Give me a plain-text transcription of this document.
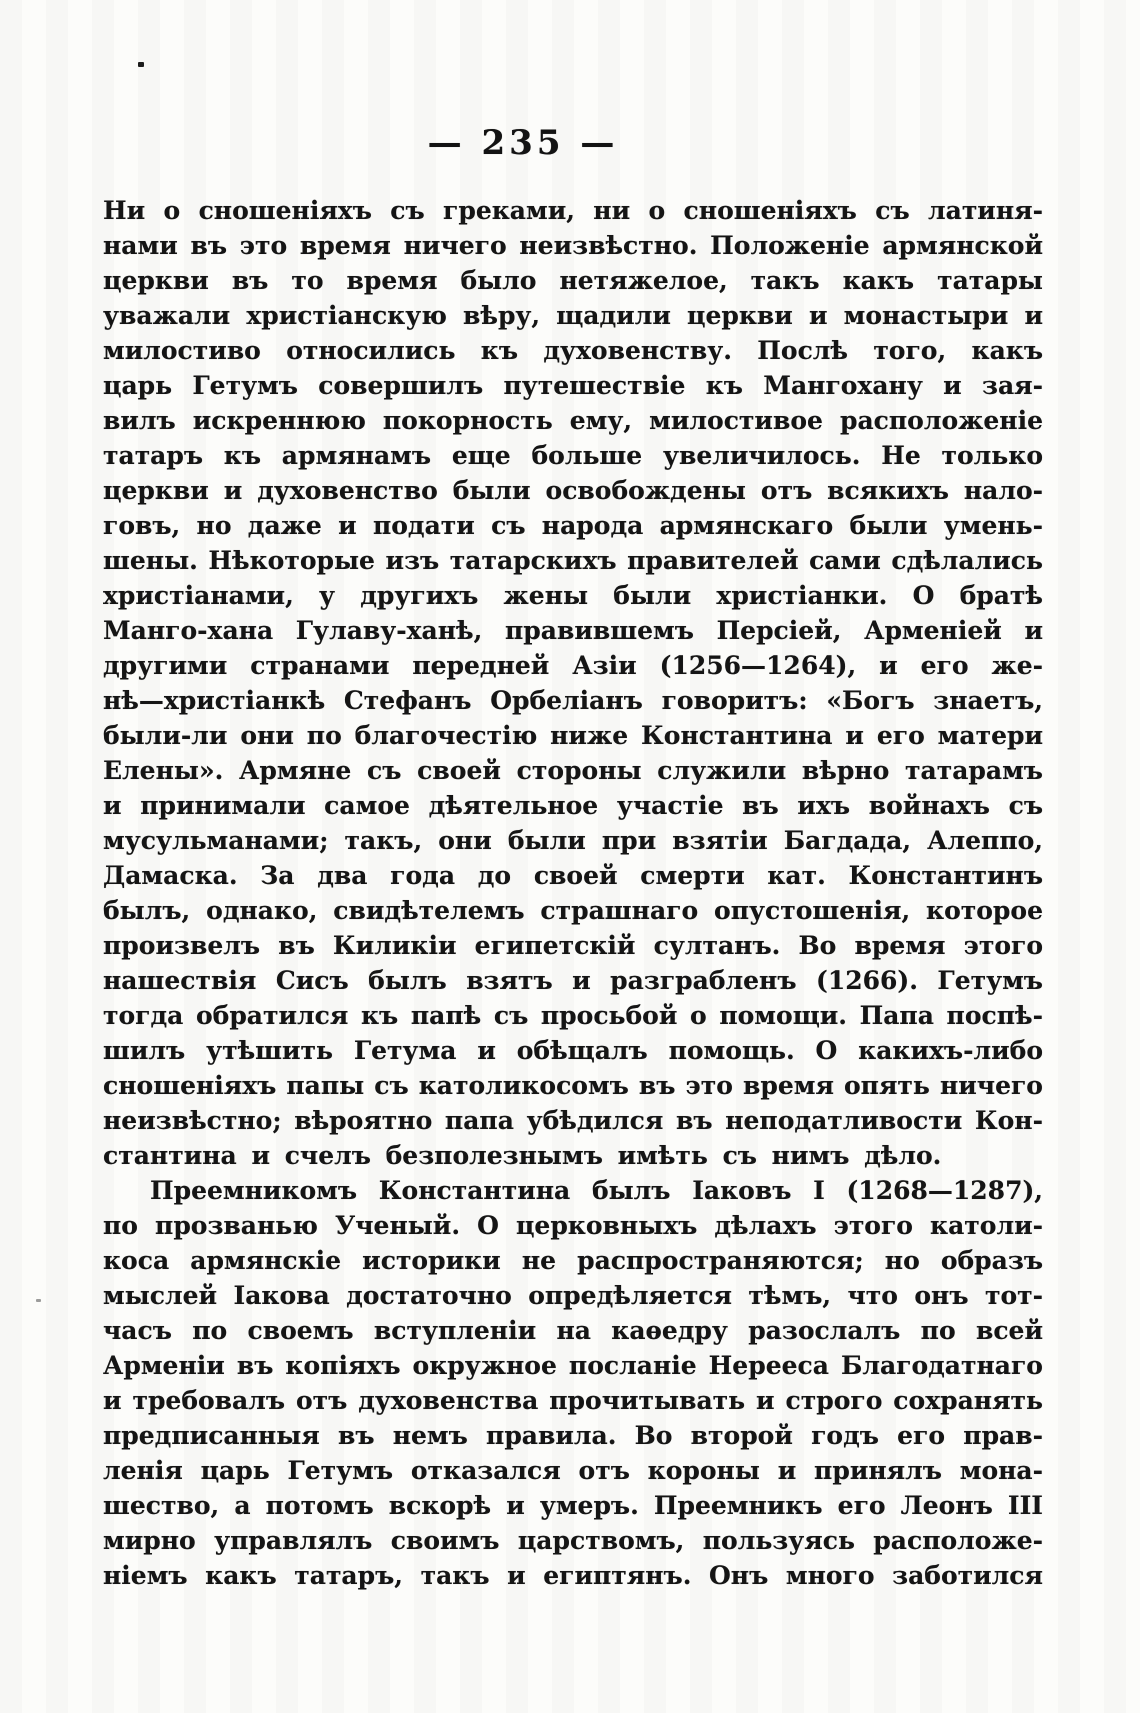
— 235 —
Ни о сношеніяхъ съ греками, ни о сношеніяхъ съ латиня-
нами въ это время ничего неизвѣстно. Положеніе армянской
церкви въ то время было нетяжелое, такъ какъ татары
уважали христіанскую вѣру, щадили церкви и монастыри и
милостиво относились къ духовенству. Послѣ того, какъ
царь Гетумъ совершилъ путешествіе къ Мангохану и зая-
вилъ искреннюю покорность ему, милостивое расположеніе
татаръ къ армянамъ еще больше увеличилось. Не только
церкви и духовенство были освобождены отъ всякихъ нало-
говъ, но даже и подати съ народа армянскаго были умень-
шены. Нѣкоторые изъ татарскихъ правителей сами сдѣлались
христіанами, у другихъ жены были христіанки. О братѣ
Манго-хана Гулаву-ханѣ, правившемъ Персіей, Арменіей и
другими странами передней Азіи (1256—1264), и его же-
нѣ—христіанкѣ Стефанъ Орбеліанъ говоритъ: «Богъ знаетъ,
были-ли они по благочестію ниже Константина и его матери
Елены». Армяне съ своей стороны служили вѣрно татарамъ
и принимали самое дѣятельное участіе въ ихъ войнахъ съ
мусульманами; такъ, они были при взятіи Багдада, Алеппо,
Дамаска. За два года до своей смерти кат. Константинъ
былъ, однако, свидѣтелемъ страшнаго опустошенія, которое
произвелъ въ Киликіи египетскій султанъ. Во время этого
нашествія Сисъ былъ взятъ и разграбленъ (1266). Гетумъ
тогда обратился къ папѣ съ просьбой о помощи. Папа поспѣ-
шилъ утѣшить Гетума и обѣщалъ помощь. О какихъ-либо
сношеніяхъ папы съ католикосомъ въ это время опять ничего
неизвѣстно; вѣроятно папа убѣдился въ неподатливости Кон-
стантина и счелъ безполезнымъ имѣть съ нимъ дѣло.
Преемникомъ Константина былъ Іаковъ I (1268—1287),
по прозванью Ученый. О церковныхъ дѣлахъ этого католи-
коса армянскіе историки не распространяются; но образъ
мыслей Іакова достаточно опредѣляется тѣмъ, что онъ тот-
часъ по своемъ вступленіи на каѳедру разослалъ по всей
Арменіи въ копіяхъ окружное посланіе Нерееса Благодатнаго
и требовалъ отъ духовенства прочитывать и строго сохранять
предписанныя въ немъ правила. Во второй годъ его прав-
ленія царь Гетумъ отказался отъ короны и принялъ мона-
шество, а потомъ вскорѣ и умеръ. Преемникъ его Леонъ III
мирно управлялъ своимъ царствомъ, пользуясь расположе-
ніемъ какъ татаръ, такъ и египтянъ. Онъ много заботился
